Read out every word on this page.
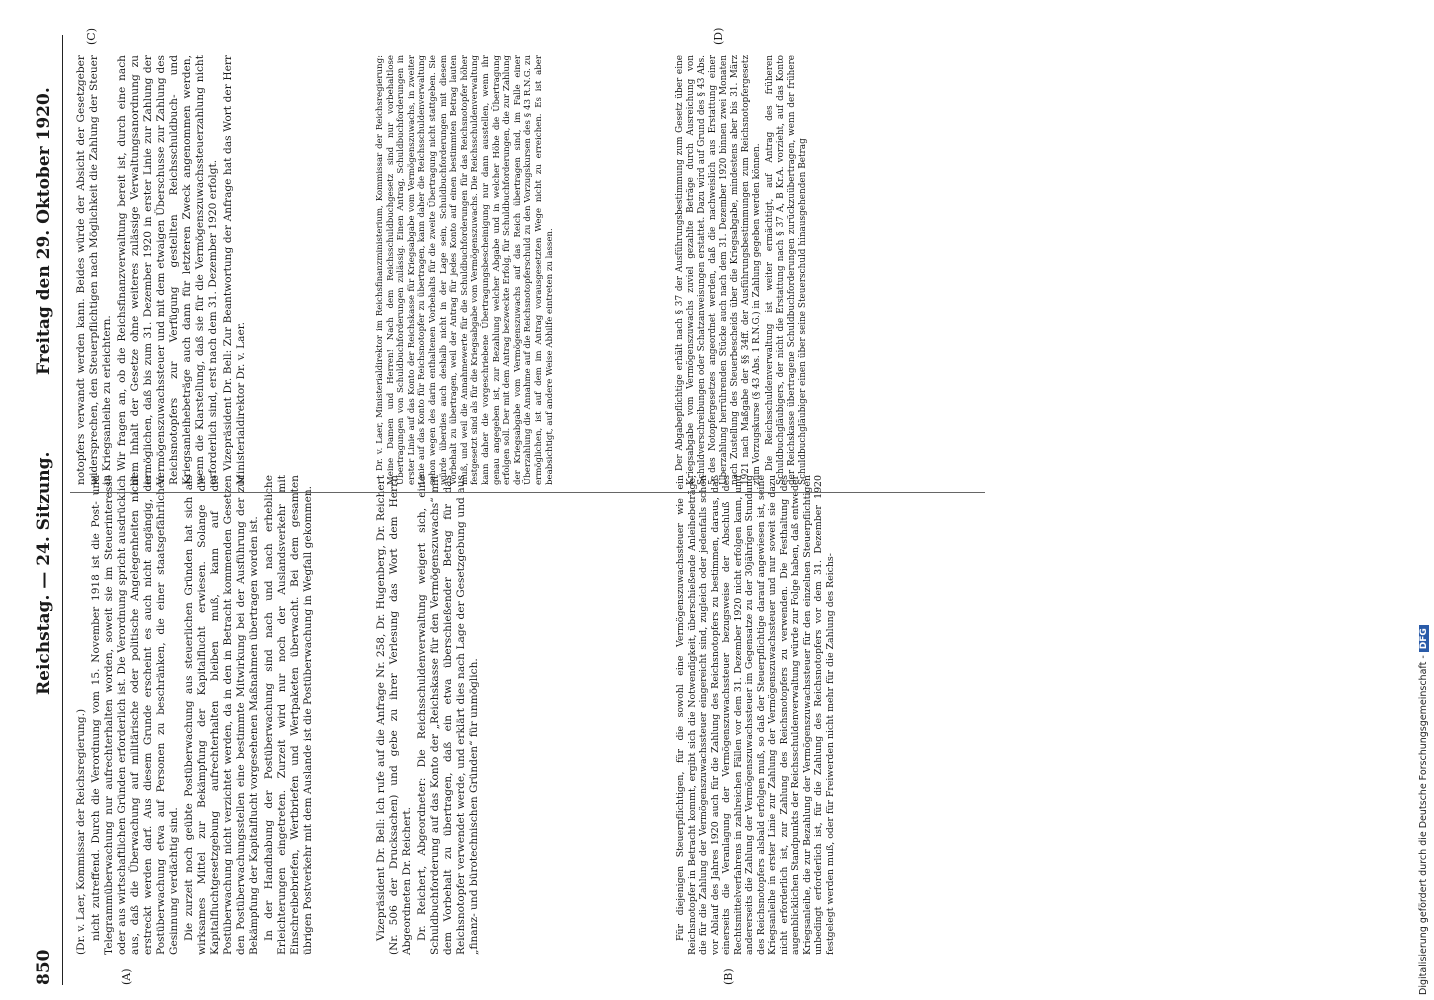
850
Reichstag. — 24. Sitzung.
Freitag den 29. Oktober 1920.

(Dr. v. Laer, Kommissar der Reichsregierung.) nicht zutreffend. Durch die Verordnung vom 15. November 1918 ist die Post- und Telegrammüberwachung nur aufrechterhalten worden, soweit sie im Steuerinteresse oder aus wirtschaftlichen Gründen erforderlich ist. Die Verordnung spricht ausdrücklich aus, daß die Überwachung auf militärische oder politische Angelegenheiten nicht erstreckt werden darf. Aus diesem Grunde erscheint es auch nicht angängig, die Postüberwachung etwa auf Personen zu beschränken, die einer staatsgefährlichen Gesinnung verdächtig sind. Die zurzeit noch geübte Postüberwachung aus steuerlichen Gründen hat sich als wirksames Mittel zur Bekämpfung der Kapitalflucht erwiesen. Solange die Kapitalfluchtgesetzgebung aufrechterhalten bleiben muß, kann auf die Postüberwachung nicht verzichtet werden, da in den in Betracht kommenden Gesetzen den Postüberwachungsstellen eine bestimmte Mitwirkung bei der Ausführung der zur Bekämpfung der Kapitalflucht vorgesehenen Maßnahmen übertragen worden ist. In der Handhabung der Postüberwachung sind nach und nach erhebliche Erleichterungen eingetreten. Zurzeit wird nur noch der Auslandsverkehr mit Einschreibebriefen, Wertbriefen und Wertpaketen überwacht. Bei dem gesamten übrigen Postverkehr mit dem Auslande ist die Postüberwachung in Wegfall gekommen.	Vizepräsident Dr. Bell: Ich rufe auf die Anfrage Nr. 258, Dr. Hugenberg, Dr. Reichert (Nr. 506 der Drucksachen) und gebe zu ihrer Verlesung das Wort dem Herrn Abgeordneten Dr. Reichert. Dr. Reichert, Abgeordneter: Die Reichsschuldenverwaltung weigert sich, eine Schuldbuchforderung auf das Konto der „Reichskasse für den Vermögenszuwachs“ mit dem Vorbehalt zu übertragen, daß ein etwa überschießender Betrag für das Reichsnotopfer verwendet werde, und erklärt dies nach Lage der Gesetzgebung und aus „finanz- und bürotechnischen Gründen“ für unmöglich.	Für diejenigen Steuerpflichtigen, für die sowohl eine Vermögenszuwachssteuer wie ein Reichsnotopfer in Betracht kommt, ergibt sich die Notwendigkeit, überschießende Anleihebeträge, die für die Zahlung der Vermögenszuwachssteuer eingereicht sind, zugleich oder jedenfalls schon vor Ablauf des Jahres 1920 auch für die Zahlung des Reichsnotopfers zu bestimmen, daraus, daß einerseits die Veranlagung der Vermögenszuwachssteuer bezugsweise der Abschluß des Rechtsmittelverfahrens in zahlreichen Fällen vor dem 31. Dezember 1920 nicht erfolgen kann, und andererseits die Zahlung der Vermögenszuwachssteuer im Gegensatze zu der 30jährigen Stundung des Reichsnotopfers alsbald erfolgen muß, so daß der Steuerpflichtige darauf angewiesen ist, seine Kriegsanleihe in erster Linie zur Zahlung der Vermögenszuwachssteuer und nur soweit sie dazu nicht erforderlich ist, zur Zahlung des Reichsnotopfers zu verwenden. Die Festhaltung des augenblicklichen Standpunkts der Reichsschuldenverwaltung würde zur Folge haben, daß entweder Kriegsanleihe, die zur Bezahlung der Vermögenszuwachssteuer für den einzelnen Steuerpflichtigen unbedingt erforderlich ist, für die Zahlung des Reichsnotopfers vor dem 31. Dezember 1920 festgelegt werden muß, oder für Freiwerden nicht mehr für die Zahlung des Reichs-

notopfers verwandt werden kann. Beides würde der Absicht der Gesetzgeber widersprechen, den Steuerpflichtigen nach Möglichkeit die Zahlung der Steuer in Kriegsanleihe zu erleichtern. Wir fragen an, ob die Reichsfinanzverwaltung bereit ist, durch eine nach dem Inhalt der Gesetze ohne weiteres zulässige Verwaltungsanordnung zu ermöglichen, daß bis zum 31. Dezember 1920 in erster Linie zur Zahlung der Vermögenszuwachssteuer und mit dem etwaigen Überschusse zur Zahlung des Reichsnotopfers zur Verfügung gestellten Reichsschuldbuch- und Kriegsanleihebeträge auch dann für letzteren Zweck angenommen werden, wenn die Klarstellung, daß sie für die Vermögenszuwachssteuerzahlung nicht erforderlich sind, erst nach dem 31. Dezember 1920 erfolgt. Vizepräsident Dr. Bell: Zur Beantwortung der Anfrage hat das Wort der Herr Ministerialdirektor Dr. v. Laer.	Dr. v. Laer, Ministerialdirektor im Reichsfinanzministerium, Kommissar der Reichsregierung: Meine Damen und Herren! Nach dem Reichsschuldbuchgesetz sind nur vorbehaltlose Übertragungen von Schuldbuchforderungen zulässig. Einen Antrag, Schuldbuchforderungen in erster Linie auf das Konto der Reichskasse für Kriegsabgabe vom Vermögenszuwachs, in zweiter Linie auf das Konto für Reichsnotopfer zu übertragen, kann daher die Reichsschuldenverwaltung schon wegen des darin enthaltenen Vorbehalts für die zweite Übertragung nicht stattgeben. Sie würde überdies auch deshalb nicht in der Lage sein, Schuldbuchforderungen mit diesem Vorbehalt zu übertragen, weil der Antrag für jedes Konto auf einen bestimmten Betrag lauten muß, und weil die Annahmewerte für die Schuldbuchforderungen für das Reichsnotopfer höher festgesetzt sind als für die Kriegsabgabe vom Vermögenszuwachs. Die Reichsschuldenverwaltung kann daher die vorgeschriebene Übertragungsbescheinigung nur dann ausstellen, wenn ihr genau angegeben ist, zur Bezahlung welcher Abgabe und in welcher Höhe die Übertragung erfolgen soll. Der mit dem Antrag bezweckte Erfolg, für Schuldbuchforderungen, die zur Zahlung der Kriegsabgabe vom Vermögenszuwachs auf das Reich übertragen sind, im Falle einer Überzahlung die Annahme auf die Reichsnotopferschuld zu den Vorzugskursen des § 43 R.N.G. zu ermöglichen, ist auf dem im Antrag vorausgesetzten Wege nicht zu erreichen. Es ist aber beabsichtigt, auf andere Weise Abhilfe eintreten zu lassen.	Der Abgabepflichtige erhält nach § 37 der Ausführungsbestimmung zum Gesetz über eine Kriegsabgabe vom Vermögenszuwachs zuviel gezahlte Beträge durch Ausreichung von Schuldverschreibungen oder Schatzanweisungen erstattet. Dazu wird auf Grund des § 43 Abs. 5 des Notopfergesetzes angeordnet werden, daß die nachweislich aus Erstattung einer Überzahlung herrührenden Stücke auch nach dem 31. Dezember 1920 binnen zwei Monaten nach Zustellung des Steuerbescheids über die Kriegsabgabe, mindestens aber bis 31. März 1921 nach Maßgabe der §§ 34ff. der Ausführungsbestimmungen zum Reichsnotopfergesetz zum Vorzugskurse (§ 43 Abs. 1 R.N.G.) in Zahlung gegeben werden können. Die Reichsschuldenverwaltung ist weiter ermächtigt, auf Antrag des früheren Schuldbuchgläubigers, der nicht die Erstattung nach § 37 A, B Kr.A. vorzieht, auf das Konto der Reichskasse übertragene Schuldbuchforderungen zurückzuübertragen, wenn der frühere Schuldbuchgläubiger einen über seine Steuerschuld hinausgehenden Betrag

(A)	(B)
(C)	(D)
Digitalisierung gefördert durch die Deutsche Forschungsgemeinschaft - DFG
